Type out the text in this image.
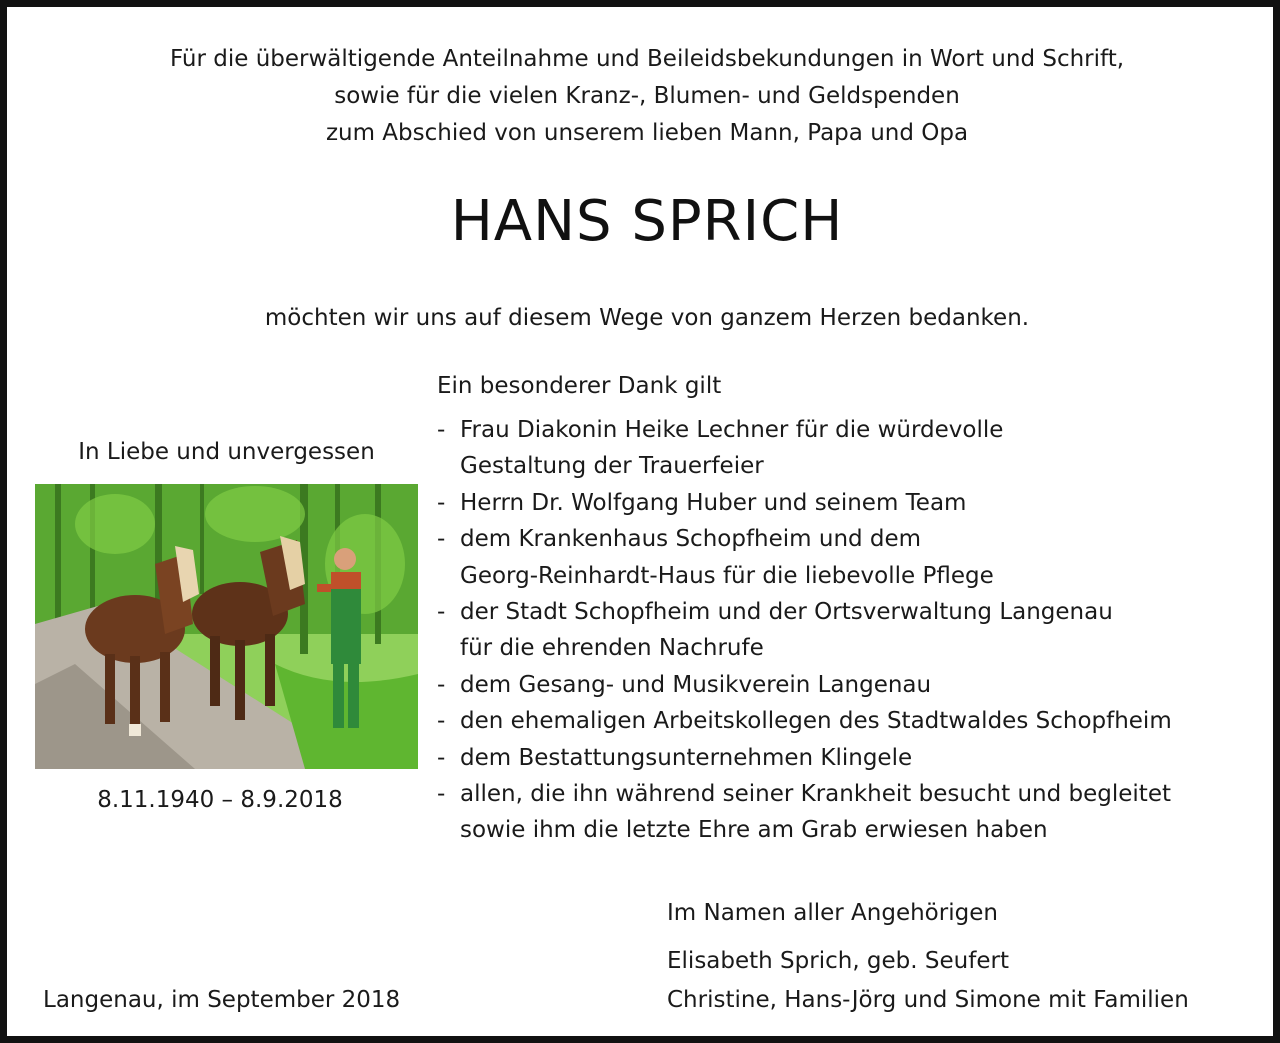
Für die überwältigende Anteilnahme und Beileidsbekundungen in Wort und Schrift,
sowie für die vielen Kranz-, Blumen- und Geldspenden
zum Abschied von unserem lieben Mann, Papa und Opa
HANS SPRICH
möchten wir uns auf diesem Wege von ganzem Herzen bedanken.
In Liebe und unvergessen
8.11.1940 – 8.9.2018
Langenau, im September 2018
Ein besonderer Dank gilt
- Frau Diakonin Heike Lechner für die würdevolle
Gestaltung der Trauerfeier
- Herrn Dr. Wolfgang Huber und seinem Team
- dem Krankenhaus Schopfheim und dem
Georg-Reinhardt-Haus für die liebevolle Pflege
- der Stadt Schopfheim und der Ortsverwaltung Langenau
für die ehrenden Nachrufe
- dem Gesang- und Musikverein Langenau
- den ehemaligen Arbeitskollegen des Stadtwaldes Schopfheim
- dem Bestattungsunternehmen Klingele
- allen, die ihn während seiner Krankheit besucht und begleitet
sowie ihm die letzte Ehre am Grab erwiesen haben
Im Namen aller Angehörigen
Elisabeth Sprich, geb. Seufert
Christine, Hans-Jörg und Simone mit Familien
